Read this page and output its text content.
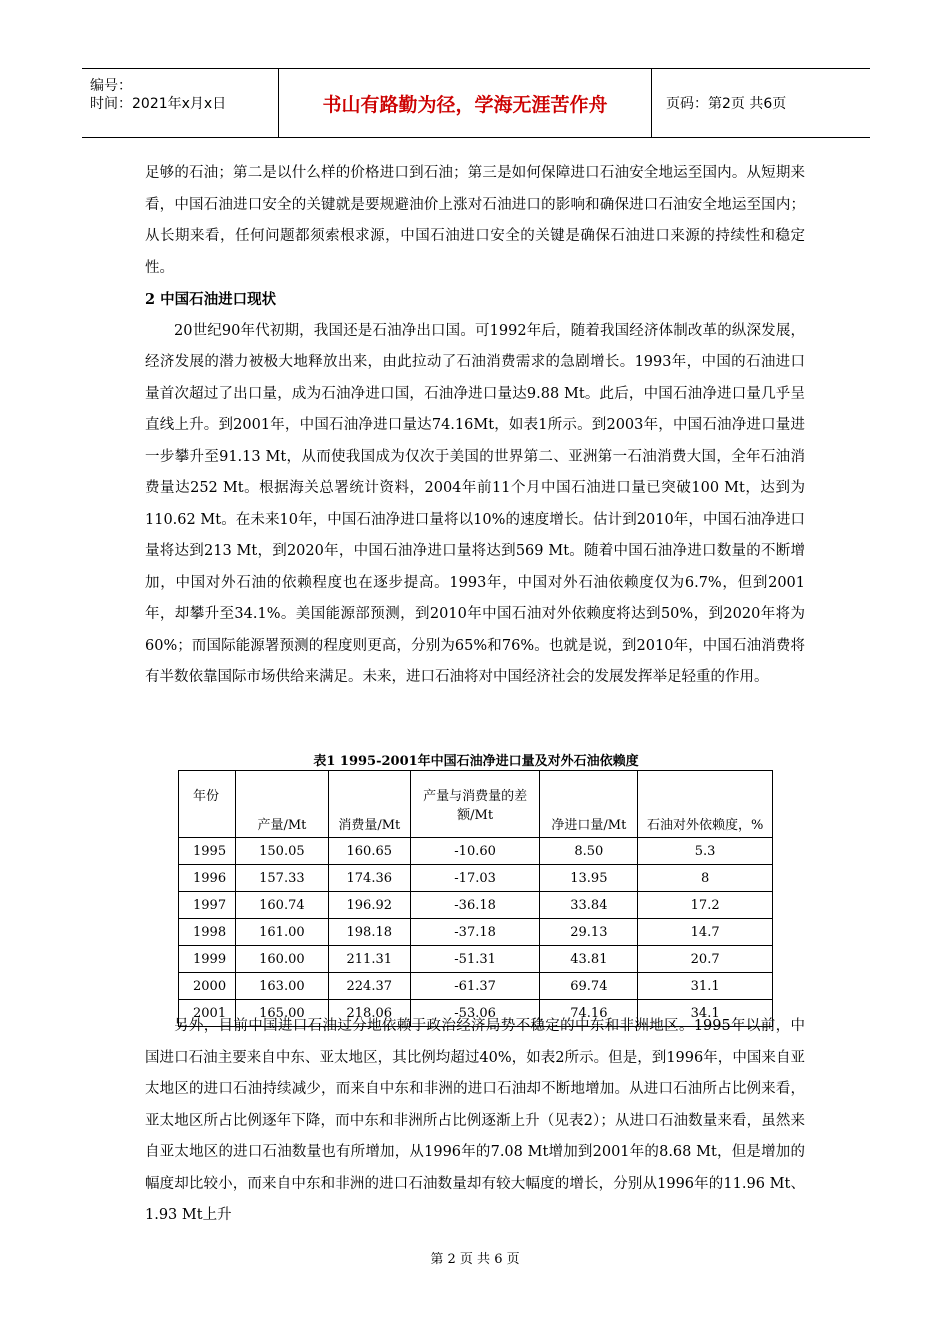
编号：
时间：2021年x月x日	书山有路勤为径，学海无涯苦作舟	页码：第2页 共6页

足够的石油；第二是以什么样的价格进口到石油；第三是如何保障进口石油安全地运至国内。从短期来看，中国石油进口安全的关键就是要规避油价上涨对石油进口的影响和确保进口石油安全地运至国内；从长期来看，任何问题都须索根求源，中国石油进口安全的关键是确保石油进口来源的持续性和稳定性。

2 中国石油进口现状

20世纪90年代初期，我国还是石油净出口国。可1992年后，随着我国经济体制改革的纵深发展，经济发展的潜力被极大地释放出来，由此拉动了石油消费需求的急剧增长。1993年，中国的石油进口量首次超过了出口量，成为石油净进口国，石油净进口量达9.88 Mt。此后，中国石油净进口量几乎呈直线上升。到2001年，中国石油净进口量达74.16Mt，如表1所示。到2003年，中国石油净进口量进一步攀升至91.13 Mt，从而使我国成为仅次于美国的世界第二、亚洲第一石油消费大国，全年石油消费量达252 Mt。根据海关总署统计资料，2004年前11个月中国石油进口量已突破100 Mt，达到为110.62 Mt。在未来10年，中国石油净进口量将以10%的速度增长。估计到2010年，中国石油净进口量将达到213 Mt，到2020年，中国石油净进口量将达到569 Mt。随着中国石油净进口数量的不断增加，中国对外石油的依赖程度也在逐步提高。1993年，中国对外石油依赖度仅为6.7%，但到2001年，却攀升至34.1%。美国能源部预测，到2010年中国石油对外依赖度将达到50%，到2020年将为60%；而国际能源署预测的程度则更高，分别为65%和76%。也就是说，到2010年，中国石油消费将有半数依靠国际市场供给来满足。未来，进口石油将对中国经济社会的发展发挥举足轻重的作用。

表1 1995-2001年中国石油净进口量及对外石油依赖度
年份	产量/Mt	消费量/Mt	产量与消费量的差额/Mt	净进口量/Mt	石油对外依赖度，%
1995	150.05	160.65	-10.60	8.50	5.3
1996	157.33	174.36	-17.03	13.95	8
1997	160.74	196.92	-36.18	33.84	17.2
1998	161.00	198.18	-37.18	29.13	14.7
1999	160.00	211.31	-51.31	43.81	20.7
2000	163.00	224.37	-61.37	69.74	31.1
2001	165.00	218.06	-53.06	74.16	34.1

另外，目前中国进口石油过分地依赖于政治经济局势不稳定的中东和非洲地区。1995年以前，中国进口石油主要来自中东、亚太地区，其比例均超过40%，如表2所示。但是，到1996年，中国来自亚太地区的进口石油持续减少，而来自中东和非洲的进口石油却不断地增加。从进口石油所占比例来看，亚太地区所占比例逐年下降，而中东和非洲所占比例逐渐上升（见表2）；从进口石油数量来看，虽然来自亚太地区的进口石油数量也有所增加，从1996年的7.08 Mt增加到2001年的8.68 Mt，但是增加的幅度却比较小，而来自中东和非洲的进口石油数量却有较大幅度的增长，分别从1996年的11.96 Mt、1.93 Mt上升

第 2 页 共 6 页
